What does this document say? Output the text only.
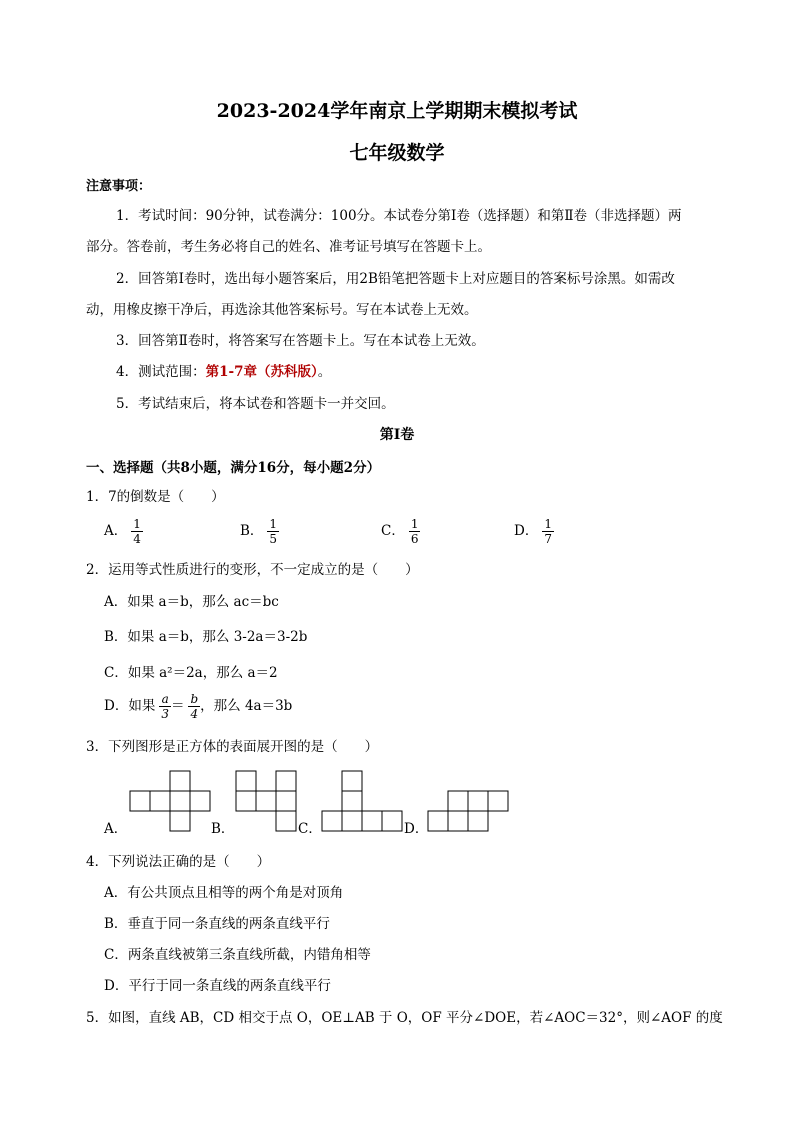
2023-2024学年南京上学期期末模拟考试
七年级数学
注意事项：
1．考试时间：90分钟，试卷满分：100分。本试卷分第Ⅰ卷（选择题）和第Ⅱ卷（非选择题）两
部分。答卷前，考生务必将自己的姓名、准考证号填写在答题卡上。
2．回答第Ⅰ卷时，选出每小题答案后，用2B铅笔把答题卡上对应题目的答案标号涂黑。如需改
动，用橡皮擦干净后，再选涂其他答案标号。写在本试卷上无效。
3．回答第Ⅱ卷时，将答案写在答题卡上。写在本试卷上无效。
4．测试范围：第1-7章（苏科版）。
5．考试结束后，将本试卷和答题卡一并交回。
第Ⅰ卷
一、选择题（共8小题，满分16分，每小题2分）
1．7的倒数是（　　）
A． $\frac{1}{4}$	B． $\frac{1}{5}$	C． $\frac{1}{6}$	D． $\frac{1}{7}$
2．运用等式性质进行的变形，不一定成立的是（　　）
A．如果 a＝b，那么 ac＝bc
B．如果 a＝b，那么 3-2a＝3-2b
C．如果 a²＝2a，那么 a＝2
D．如果 $\frac{a}{3} = \frac{b}{4}$ ，那么 4a＝3b
3．下列图形是正方体的表面展开图的是（　　）
A．	B．	C．	D．
4．下列说法正确的是（　　）
A．有公共顶点且相等的两个角是对顶角
B．垂直于同一条直线的两条直线平行
C．两条直线被第三条直线所截，内错角相等
D．平行于同一条直线的两条直线平行
5．如图，直线 AB，CD 相交于点 O，OE⊥AB 于 O，OF 平分∠DOE，若∠AOC＝32°，则∠AOF 的度
